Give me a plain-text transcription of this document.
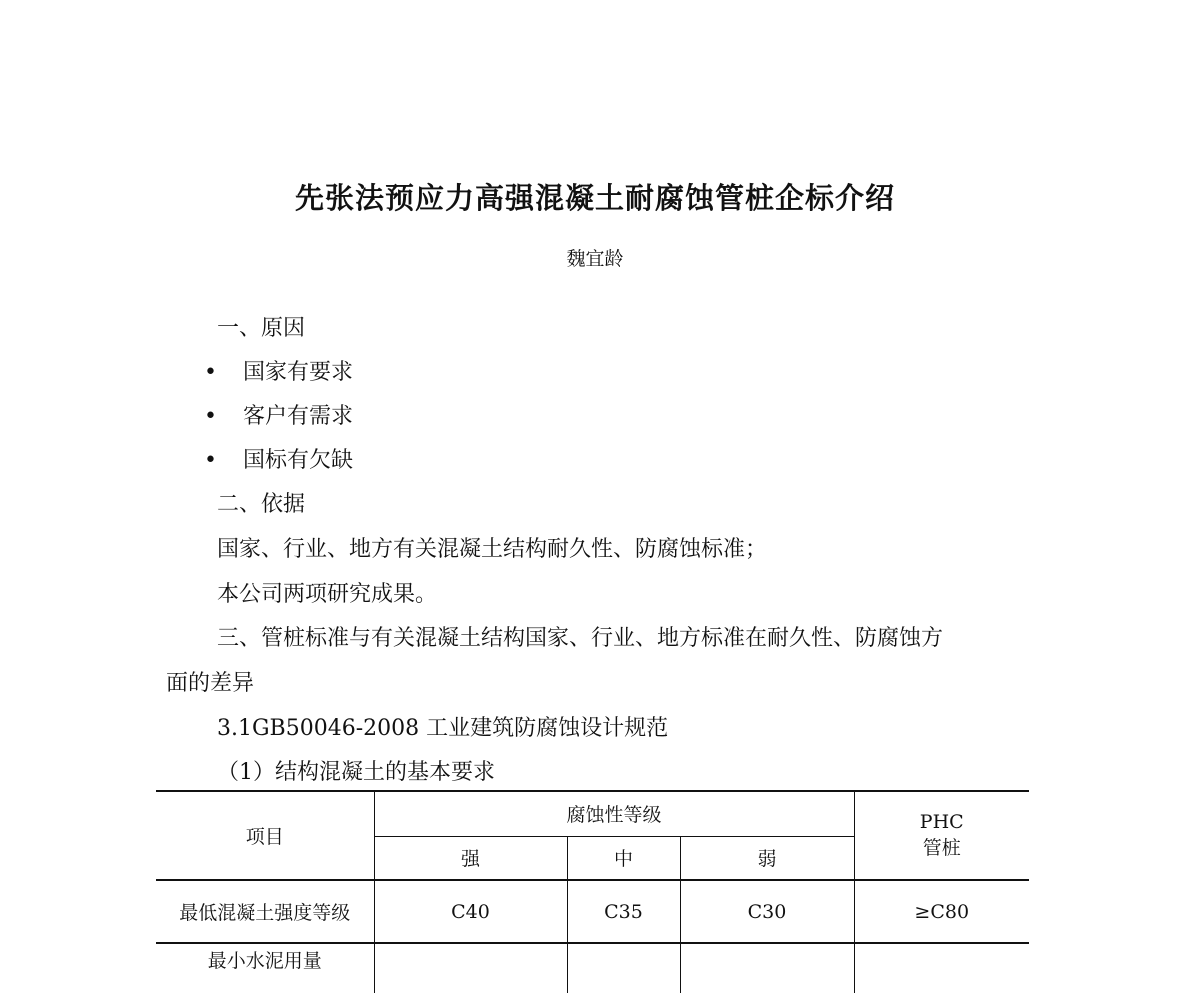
先张法预应力高强混凝土耐腐蚀管桩企标介绍
魏宜龄
一、原因
• 国家有要求
• 客户有需求
• 国标有欠缺
二、依据
国家、行业、地方有关混凝土结构耐久性、防腐蚀标准；
本公司两项研究成果。
三、管桩标准与有关混凝土结构国家、行业、地方标准在耐久性、防腐蚀方
面的差异
3.1GB50046-2008 工业建筑防腐蚀设计规范
（1）结构混凝土的基本要求
项目	腐蚀性等级			PHC
管桩

	强	中	弱	
最低混凝土强度等级	C40	C35	C30	≥C80
最小水泥用量				
